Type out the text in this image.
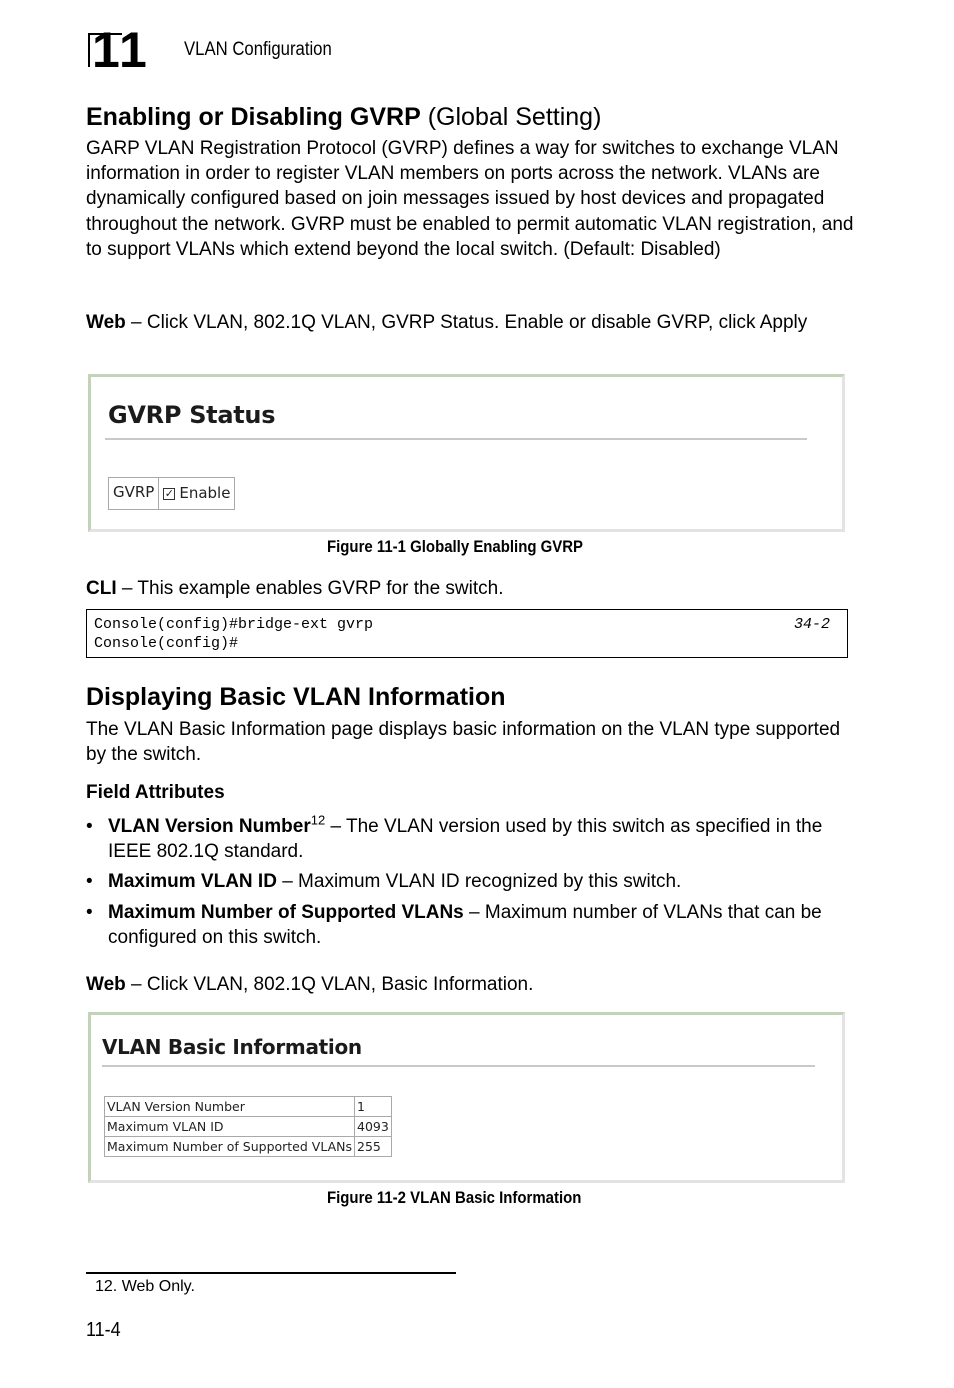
11 VLAN Configuration
Enabling or Disabling GVRP (Global Setting)

GARP VLAN Registration Protocol (GVRP) defines a way for switches to exchange VLAN information in order to register VLAN members on ports across the network. VLANs are dynamically configured based on join messages issued by host devices and propagated throughout the network. GVRP must be enabled to permit automatic VLAN registration, and to support VLANs which extend beyond the local switch. (Default: Disabled)

Web – Click VLAN, 802.1Q VLAN, GVRP Status. Enable or disable GVRP, click Apply

GVRP Status
GVRP ✓ Enable
Figure 11-1 Globally Enabling GVRP

CLI – This example enables GVRP for the switch.

Console(config)#bridge-ext gvrp	34-2
Console(config)#
Displaying Basic VLAN Information

The VLAN Basic Information page displays basic information on the VLAN type supported by the switch.

Field Attributes

• VLAN Version Number$^{12}$ – The VLAN version used by this switch as specified in the IEEE 802.1Q standard.
• Maximum VLAN ID – Maximum VLAN ID recognized by this switch.
• Maximum Number of Supported VLANs – Maximum number of VLANs that can be configured on this switch.

Web – Click VLAN, 802.1Q VLAN, Basic Information.

VLAN Basic Information
VLAN Version Number	1
Maximum VLAN ID	4093
Maximum Number of Supported VLANs	255
Figure 11-2 VLAN Basic Information
12. Web Only.
11-4
